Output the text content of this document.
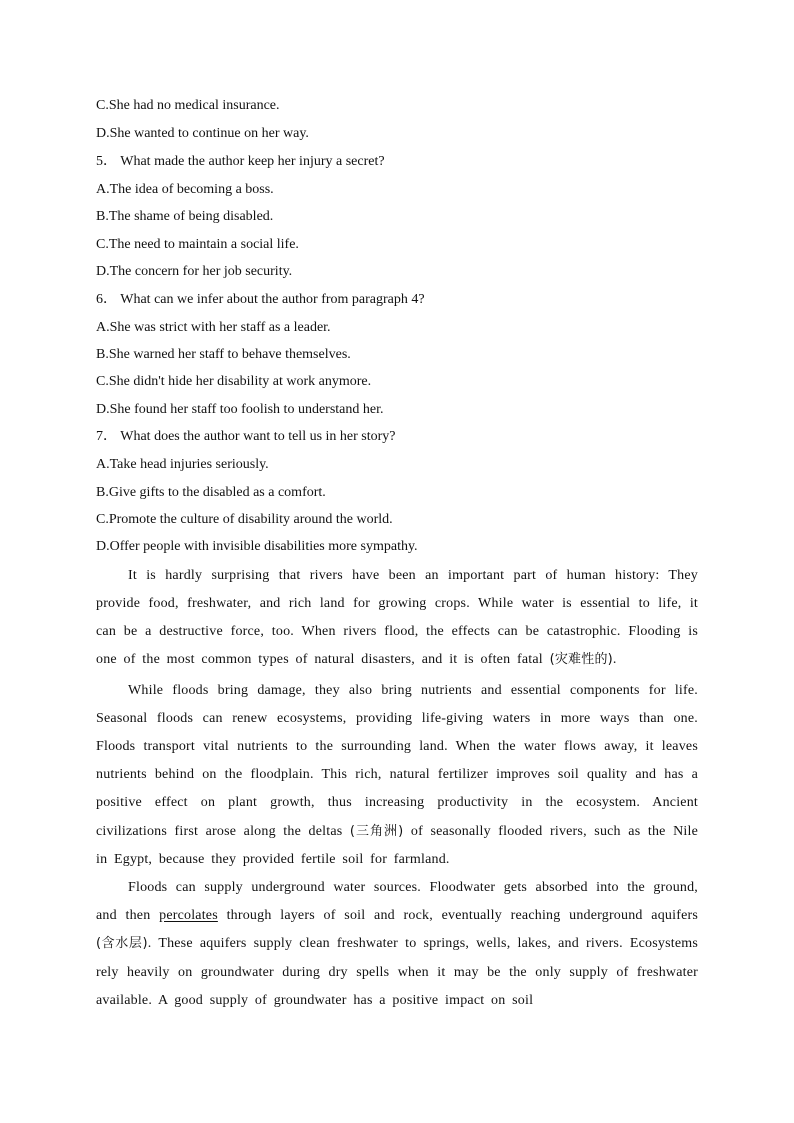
C.She had no medical insurance.
D.She wanted to continue on her way.
5． What made the author keep her injury a secret?
A.The idea of becoming a boss.
B.The shame of being disabled.
C.The need to maintain a social life.
D.The concern for her job security.
6． What can we infer about the author from paragraph 4?
A.She was strict with her staff as a leader.
B.She warned her staff to behave themselves.
C.She didn't hide her disability at work anymore.
D.She found her staff too foolish to understand her.
7． What does the author want to tell us in her story?
A.Take head injuries seriously.
B.Give gifts to the disabled as a comfort.
C.Promote the culture of disability around the world.
D.Offer people with invisible disabilities more sympathy.

It is hardly surprising that rivers have been an important part of human history: They provide food, freshwater, and rich land for growing crops. While water is essential to life, it can be a destructive force, too. When rivers flood, the effects can be catastrophic. Flooding is one of the most common types of natural disasters, and it is often fatal (灾难性的).

While floods bring damage, they also bring nutrients and essential components for life. Seasonal floods can renew ecosystems, providing life-giving waters in more ways than one. Floods transport vital nutrients to the surrounding land. When the water flows away, it leaves nutrients behind on the floodplain. This rich, natural fertilizer improves soil quality and has a positive effect on plant growth, thus increasing productivity in the ecosystem. Ancient civilizations first arose along the deltas (三角洲) of seasonally flooded rivers, such as the Nile in Egypt, because they provided fertile soil for farmland.

Floods can supply underground water sources. Floodwater gets absorbed into the ground, and then percolates through layers of soil and rock, eventually reaching underground aquifers (含水层). These aquifers supply clean freshwater to springs, wells, lakes, and rivers. Ecosystems rely heavily on groundwater during dry spells when it may be the only supply of freshwater available. A good supply of groundwater has a positive impact on soil
